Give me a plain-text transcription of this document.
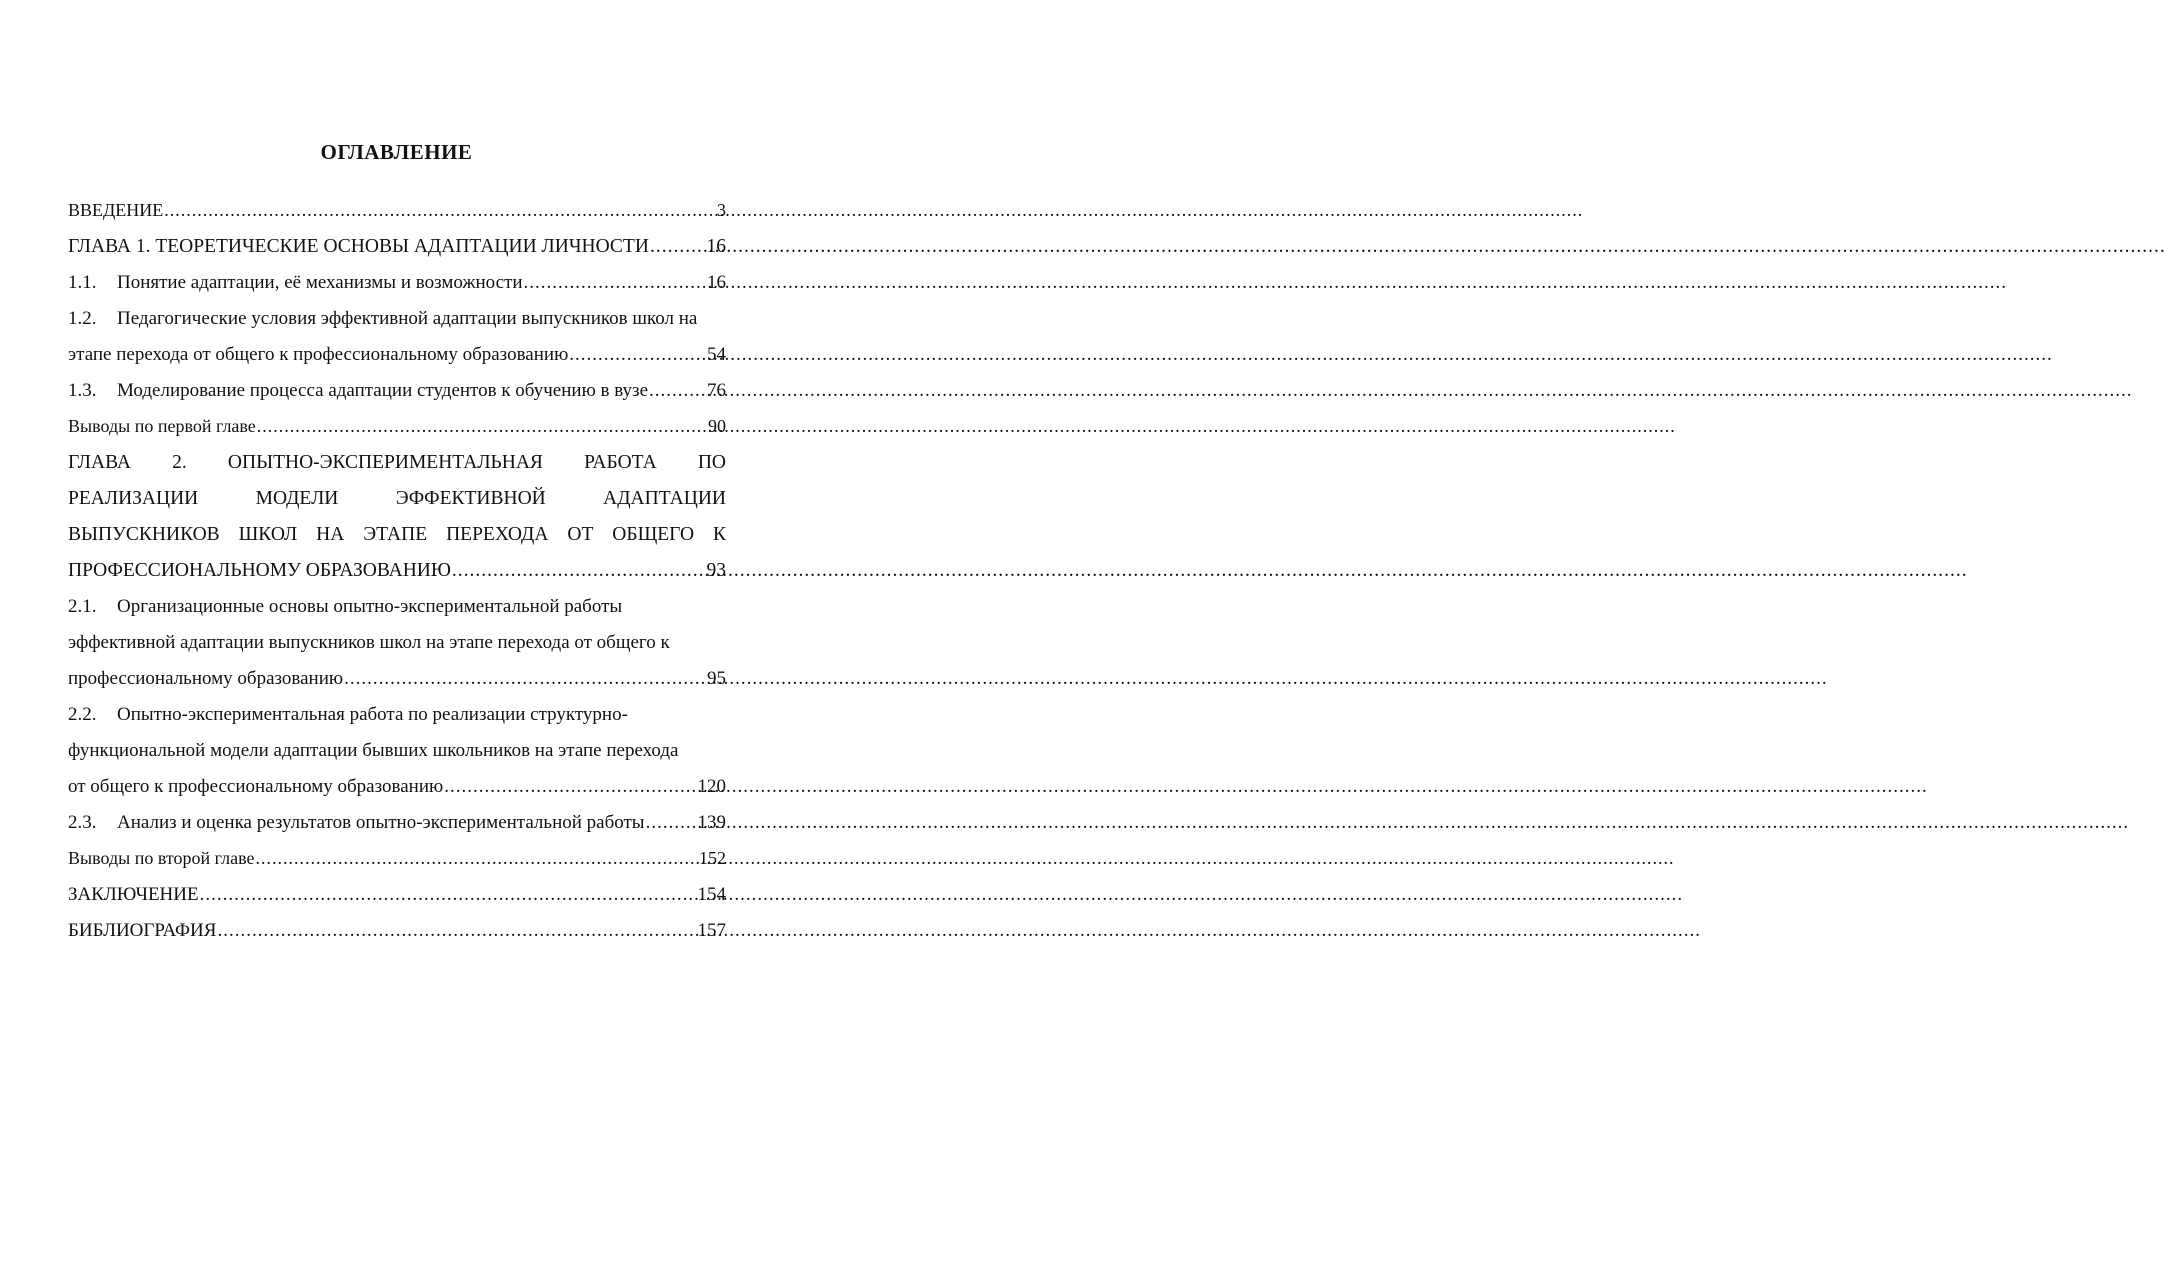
ОГЛАВЛЕНИЕ
ВВЕДЕНИЕ .....	3
ГЛАВА 1. ТЕОРЕТИЧЕСКИЕ ОСНОВЫ АДАПТАЦИИ ЛИЧНОСТИ .....	16
1.1.	Понятие адаптации, её механизмы и возможности .....	16
1.2.	Педагогические условия эффективной адаптации выпускников школ на
этапе перехода от общего к профессиональному образованию .....	54
1.3.	Моделирование процесса адаптации студентов к обучению в вузе .....	76
Выводы по первой главе .....	90
ГЛАВА 2. ОПЫТНО-ЭКСПЕРИМЕНТАЛЬНАЯ РАБОТА ПО
РЕАЛИЗАЦИИ МОДЕЛИ ЭФФЕКТИВНОЙ АДАПТАЦИИ
ВЫПУСКНИКОВ ШКОЛ НА ЭТАПЕ ПЕРЕХОДА ОТ ОБЩЕГО К
ПРОФЕССИОНАЛЬНОМУ ОБРАЗОВАНИЮ .....	93
2.1.	Организационные основы опытно-экспериментальной работы
эффективной адаптации выпускников школ на этапе перехода от общего к
профессиональному образованию .....	95
2.2.	Опытно-экспериментальная работа по реализации структурно-
функциональной модели адаптации бывших школьников на этапе перехода
от общего к профессиональному образованию .....	120
2.3.	Анализ и оценка результатов опытно-экспериментальной работы .....	139
Выводы по второй главе .....	152
ЗАКЛЮЧЕНИЕ .....	154
БИБЛИОГРАФИЯ .....	157
